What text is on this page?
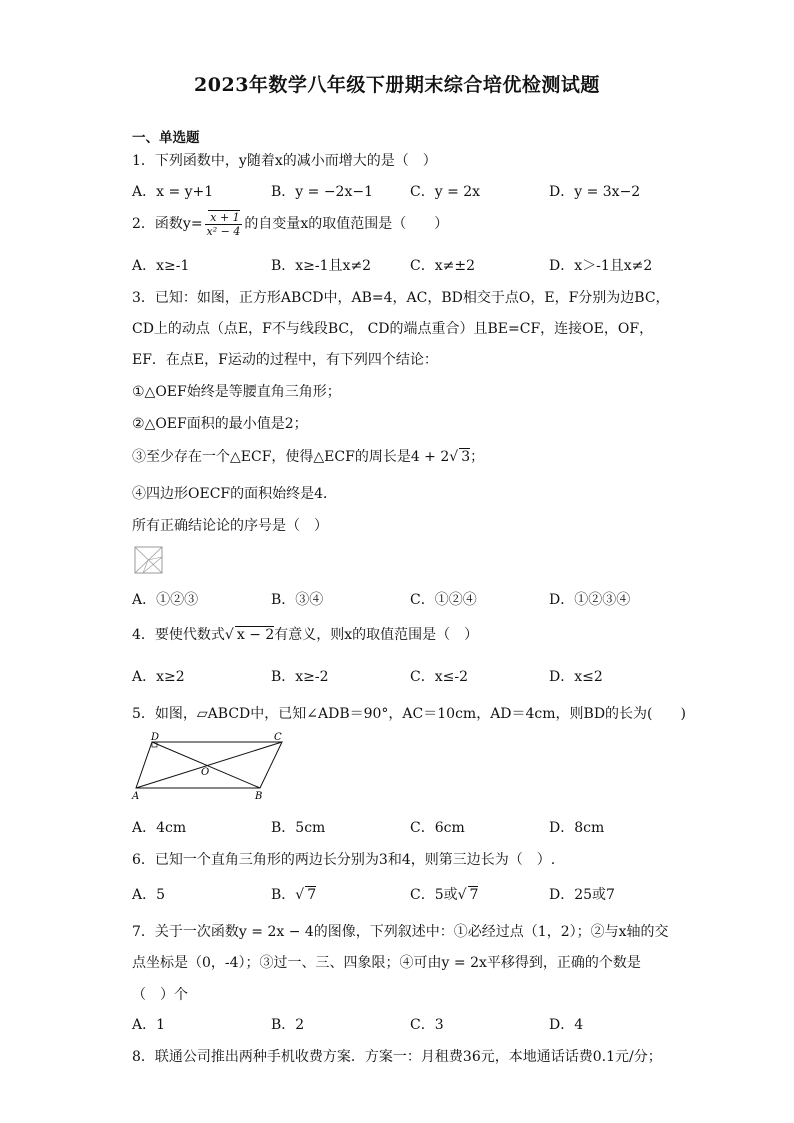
2023年数学八年级下册期末综合培优检测试题
一、单选题
1．下列函数中，y随着x的减小而增大的是（　）
A．x = y+1	B．y = −2x−1	C．y = 2x	D．y = 3x−2
2．函数$y= \frac{x + 1}{\text{x² − 4}}$ 的自变量x的取值范围是（　　）
A．x≥-1	B．x≥-1且x≠2	C．x≠±2	D．x＞-1且x≠2
3．已知：如图，正方形ABCD中，AB=4，AC，BD相交于点O，E，F分别为边BC，
CD上的动点（点E，F不与线段BC， CD的端点重合）且BE=CF，连接OE，OF，
EF．在点E，F运动的过程中，有下列四个结论：
①△OEF始终是等腰直角三角形；
②△OEF面积的最小值是2；
③至少存在一个△ECF，使得△ECF的周长是4 + 2√ 3；
④四边形OECF的面积始终是4．
所有正确结论论的序号是（　）
A．①②③	B．③④	C．①②④	D．①②③④
4．要使代数式√ x − 2有意义，则x的取值范围是（　）
A．x≥2	B．x≥-2	C．x≤-2	D．x≤2
5．如图，▱ABCD中，已知∠ADB＝90°，AC＝10cm，AD＝4cm，则BD的长为(　　)
D	C
O
A	B
A．4cm	B．5cm	C．6cm	D．8cm
6．已知一个直角三角形的两边长分别为3和4，则第三边长为（　）.
A．5	B．√ 7	C．5或√ 7	D．25或7
7．关于一次函数y = 2x − 4的图像，下列叙述中：①必经过点（1，2）；②与x轴的交
点坐标是（0，-4）；③过一、三、四象限；④可由y = 2x平移得到，正确的个数是
（　）个
A．1	B．2	C．3	D．4
8．联通公司推出两种手机收费方案．方案一：月租费36元，本地通话话费0.1元/分；
